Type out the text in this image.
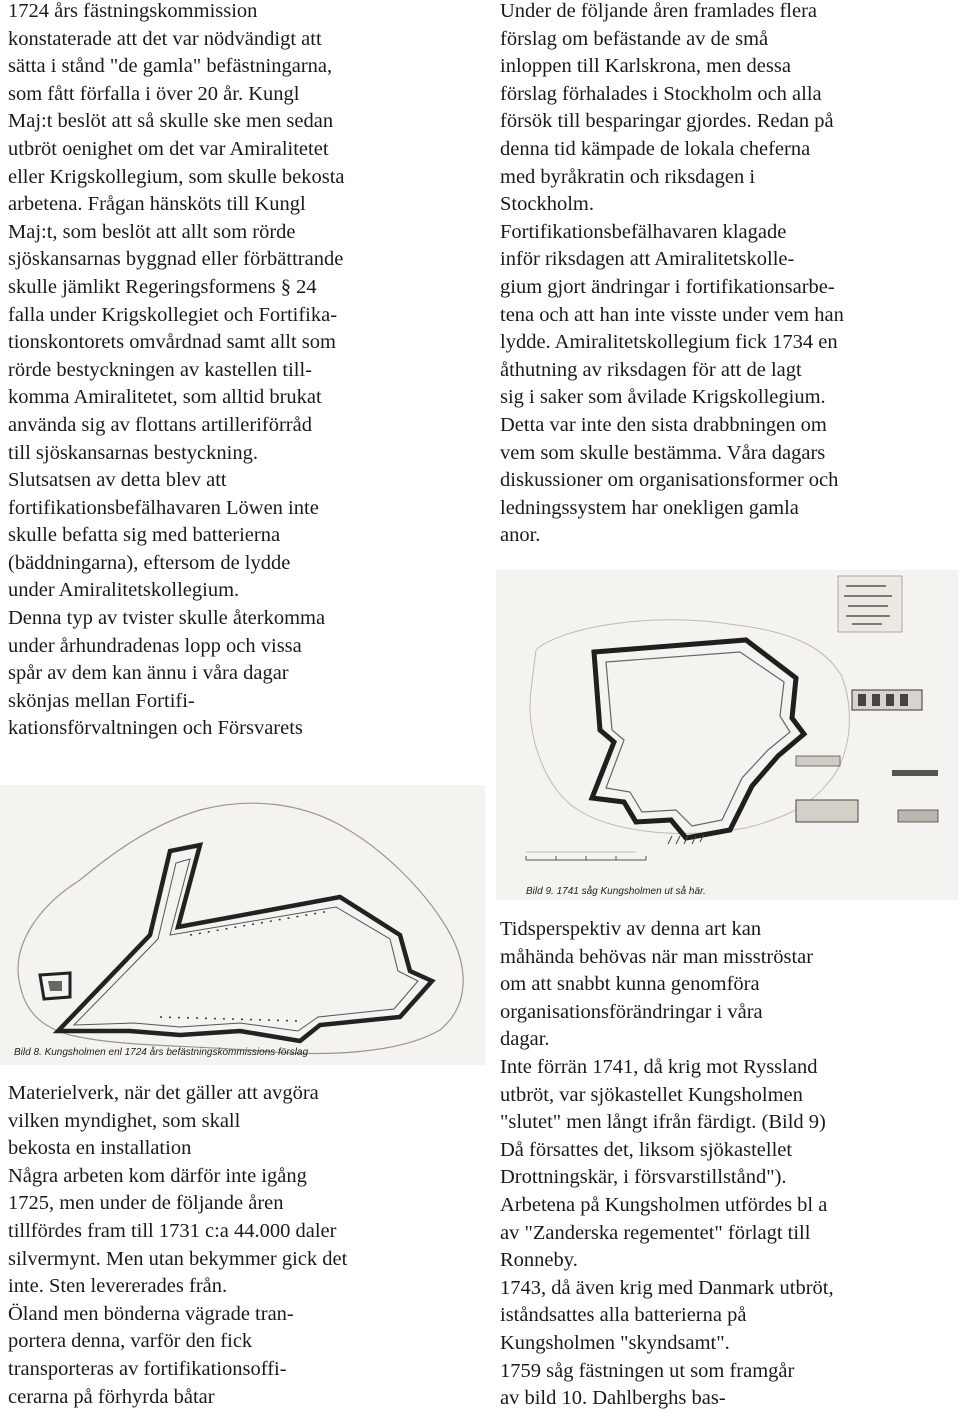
1724 års fästningskommission

konstaterade att det var nödvändigt att

sätta i stånd "de gamla" befästningarna,

som fått förfalla i över 20 år. Kungl

Maj:t beslöt att så skulle ske men sedan

utbröt oenighet om det var Amiralitetet

eller Krigskollegium, som skulle bekosta

arbetena. Frågan hänsköts till Kungl

Maj:t, som beslöt att allt som rörde

sjöskansarnas byggnad eller förbättrande

skulle jämlikt Regeringsformens § 24

falla under Krigskollegiet och Fortifika-

tionskontorets omvårdnad samt allt som

rörde bestyckningen av kastellen till-

komma Amiralitetet, som alltid brukat

använda sig av flottans artilleriförråd

till sjöskansarnas bestyckning.

Slutsatsen av detta blev att

fortifikationsbefälhavaren Löwen inte

skulle befatta sig med batterierna

(bäddningarna), eftersom de lydde

under Amiralitetskollegium.

Denna typ av tvister skulle återkomma

under århundradenas lopp och vissa

spår av dem kan ännu i våra dagar

skönjas mellan Fortifi-

kationsförvaltningen och Försvarets

Under de följande åren framlades flera

förslag om befästande av de små

inloppen till Karlskrona, men dessa

förslag förhalades i Stockholm och alla

försök till besparingar gjordes. Redan på

denna tid kämpade de lokala cheferna

med byråkratin och riksdagen i

Stockholm.

Fortifikationsbefälhavaren klagade

inför riksdagen att Amiralitetskolle-

gium gjort ändringar i fortifikationsarbe-

tena och att han inte visste under vem han

lydde. Amiralitetskollegium fick 1734 en

åthutning av riksdagen för att de lagt

sig i saker som åvilade Krigskollegium.

Detta var inte den sista drabbningen om

vem som skulle bestämma. Våra dagars

diskussioner om organisationsformer och

ledningssystem har onekligen gamla

anor.

Bild 9. 1741 såg Kungsholmen ut så här.
Bild 8. Kungsholmen enl 1724 års befästningskommissions förslag

Materielverk, när det gäller att avgöra

vilken myndighet, som skall

bekosta en installation

Några arbeten kom därför inte igång

1725, men under de följande åren

tillfördes fram till 1731 c:a 44.000 daler

silvermynt. Men utan bekymmer gick det

inte. Sten levererades från.

Öland men bönderna vägrade tran-

portera denna, varför den fick

transporteras av fortifikationsoffi-

cerarna på förhyrda båtar

Tidsperspektiv av denna art kan

måhända behövas när man misströstar

om att snabbt kunna genomföra

organisationsförändringar i våra

dagar.

Inte förrän 1741, då krig mot Ryssland

utbröt, var sjökastellet Kungsholmen

"slutet" men långt ifrån färdigt. (Bild 9)

Då försattes det, liksom sjökastellet

Drottningskär, i försvarstillstånd").

Arbetena på Kungsholmen utfördes bl a

av "Zanderska regementet" förlagt till

Ronneby.

1743, då även krig med Danmark utbröt,

iståndsattes alla batterierna på

Kungsholmen "skyndsamt".

1759 såg fästningen ut som framgår

av bild 10. Dahlberghs bas-
